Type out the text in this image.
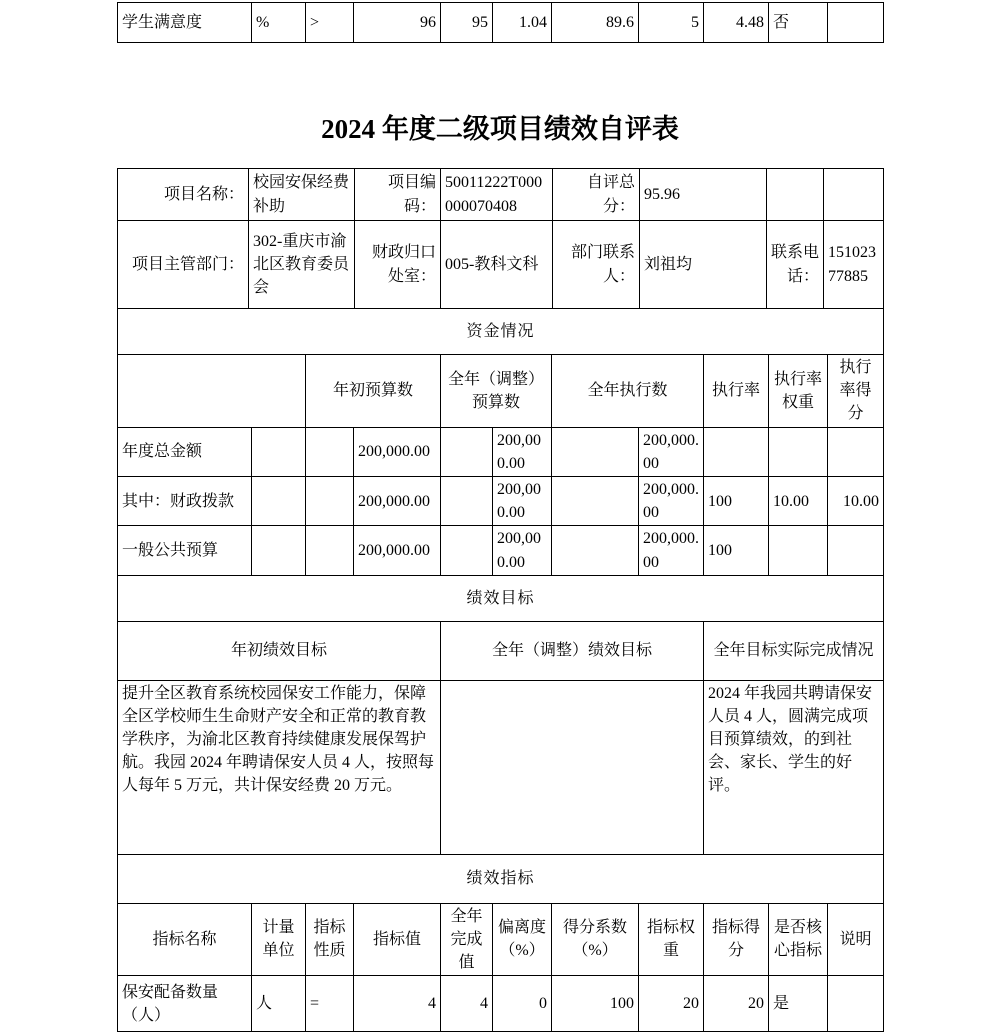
学生满意度	%	>	96	95	1.04	89.6	5	4.48	否	
2024 年度二级项目绩效自评表
项目名称：	校园安保经费补助	项目编码：	50011222T000000070408	自评总分：	95.96		
项目主管部门：	302-重庆市渝北区教育委员会	财政归口处室：	005-教科文科	部门联系人：	刘祖均	联系电话：	15102377885
资金情况										
		年初预算数		全年（调整）预算数		全年执行数		执行率	执行率权重	执行率得分
年度总金额			200,000.00		200,000.00		200,000.00			
其中：财政拨款			200,000.00		200,000.00		200,000.00	100	10.00	10.00
一般公共预算			200,000.00		200,000.00		200,000.00	100		
绩效目标		
年初绩效目标	全年（调整）绩效目标	全年目标实际完成情况
提升全区教育系统校园保安工作能力，保障全区学校师生生命财产安全和正常的教育教学秩序，为渝北区教育持续健康发展保驾护航。我园 2024 年聘请保安人员 4 人，按照每人每年 5 万元，共计保安经费 20 万元。		2024 年我园共聘请保安人员 4 人，圆满完成项目预算绩效，的到社会、家长、学生的好评。
绩效指标										
指标名称	计量单位	指标性质	指标值	全年完成值	偏离度（%）	得分系数（%）	指标权重	指标得分	是否核心指标	说明
保安配备数量（人）	人	=	4	4	0	100	20	20	是	
